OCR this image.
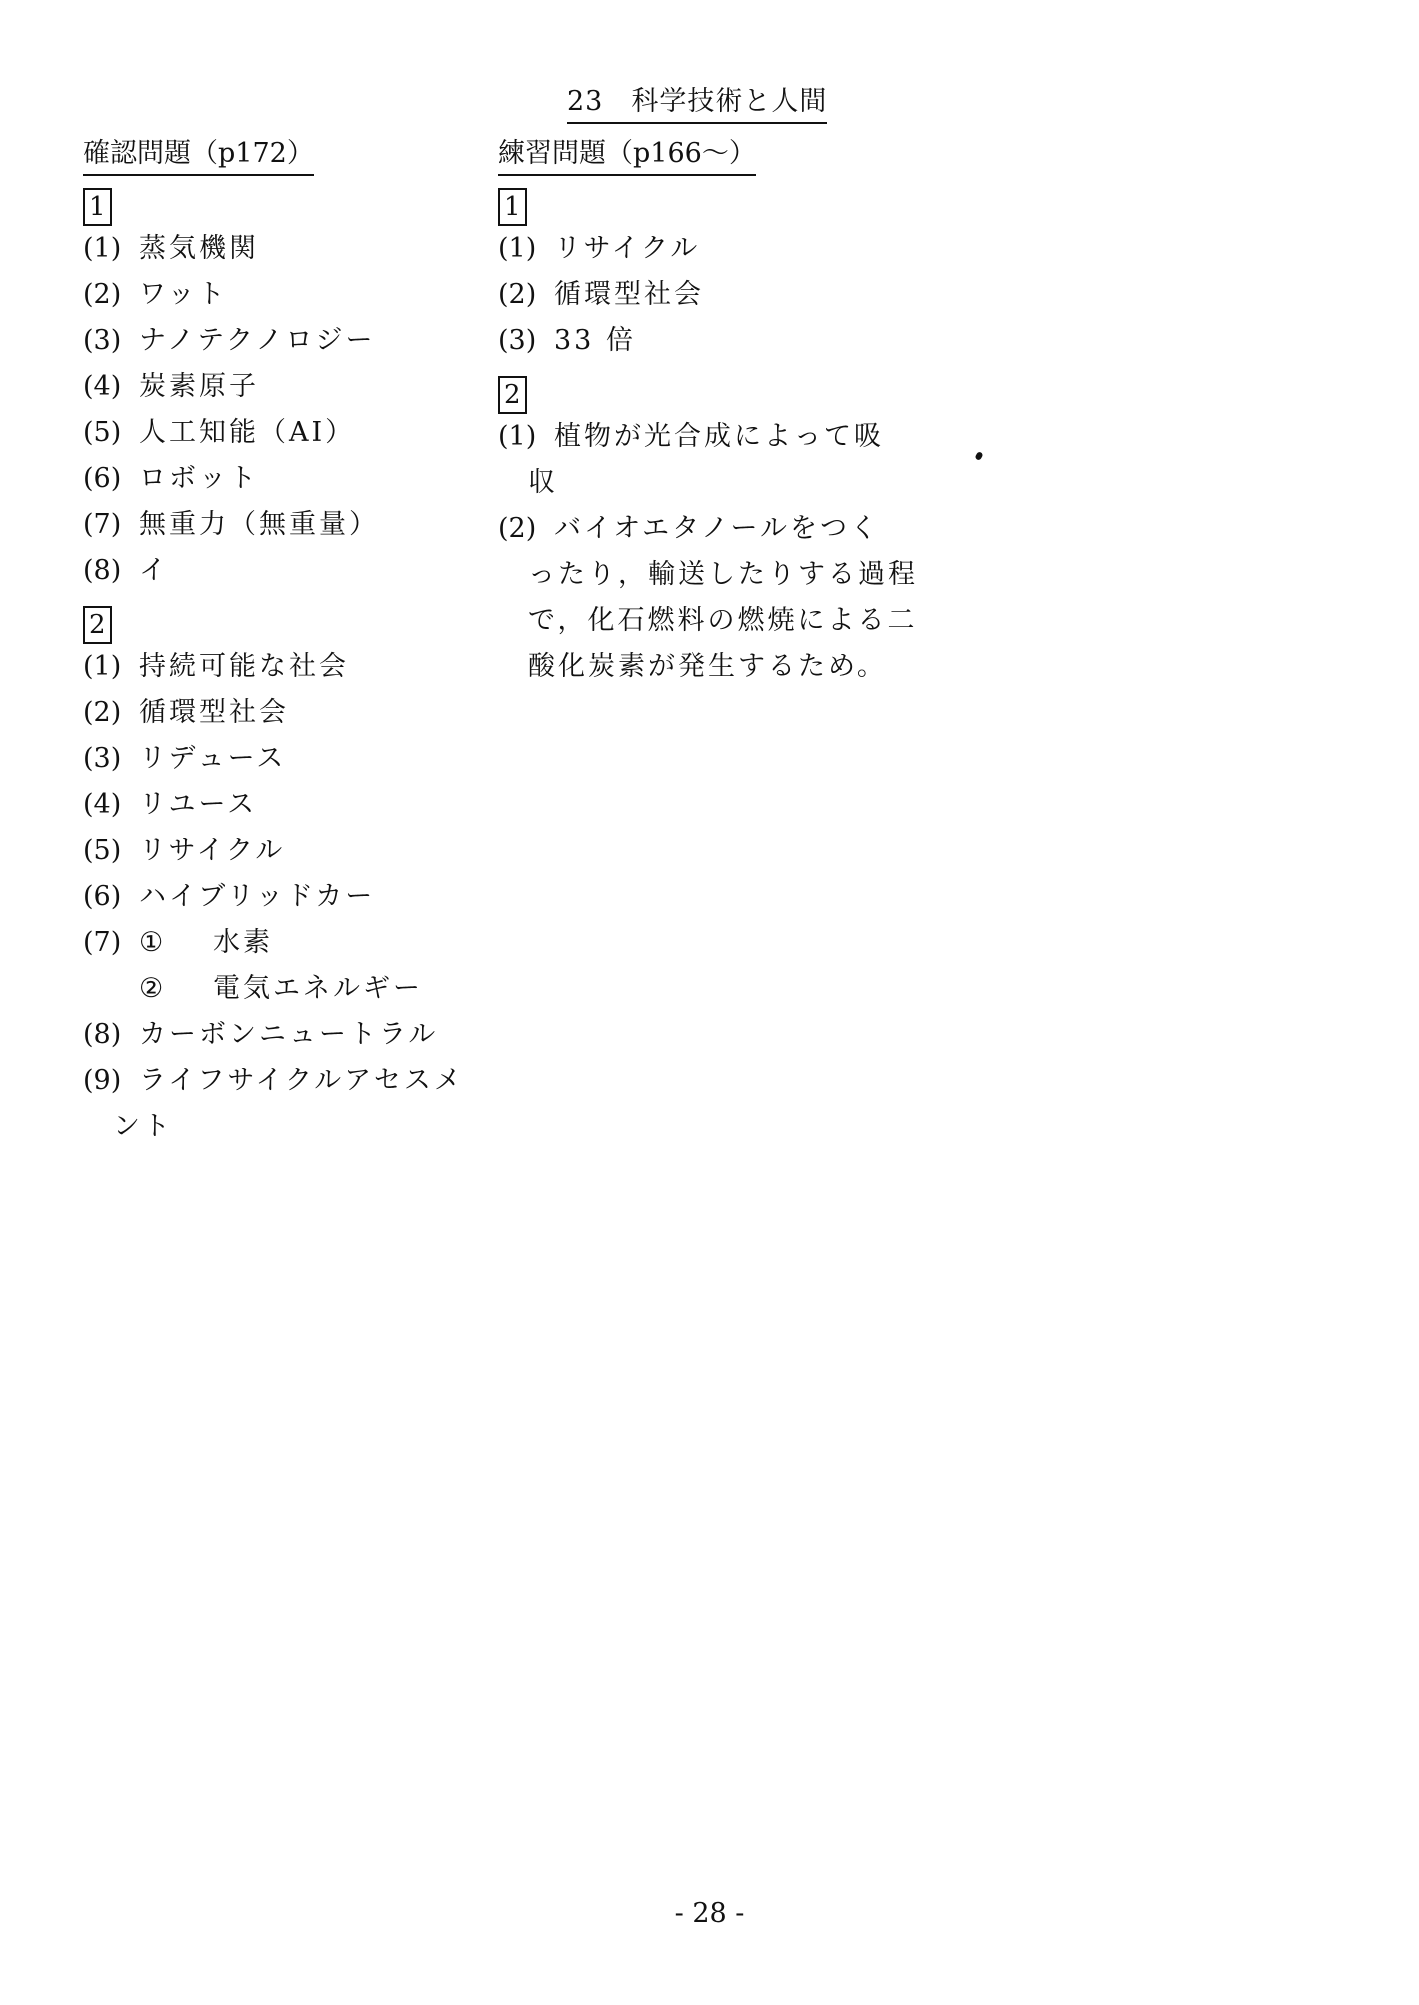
23　科学技術と人間
確認問題（p172）
1
(1) 蒸気機関
(2) ワット
(3) ナノテクノロジー
(4) 炭素原子
(5) 人工知能（AI）
(6) ロボット
(7) 無重力（無重量）
(8) イ
2
(1) 持続可能な社会
(2) 循環型社会
(3) リデュース
(4) リユース
(5) リサイクル
(6) ハイブリッドカー
(7) ①	水素
②	電気エネルギー
(8) カーボンニュートラル
(9) ライフサイクルアセスメ
ント
練習問題（p166～）
1
(1) リサイクル
(2) 循環型社会
(3) 33 倍
2
(1) 植物が光合成によって吸
収
(2) バイオエタノールをつく
ったり，輸送したりする過程
で，化石燃料の燃焼による二
酸化炭素が発生するため。
- 28 -
